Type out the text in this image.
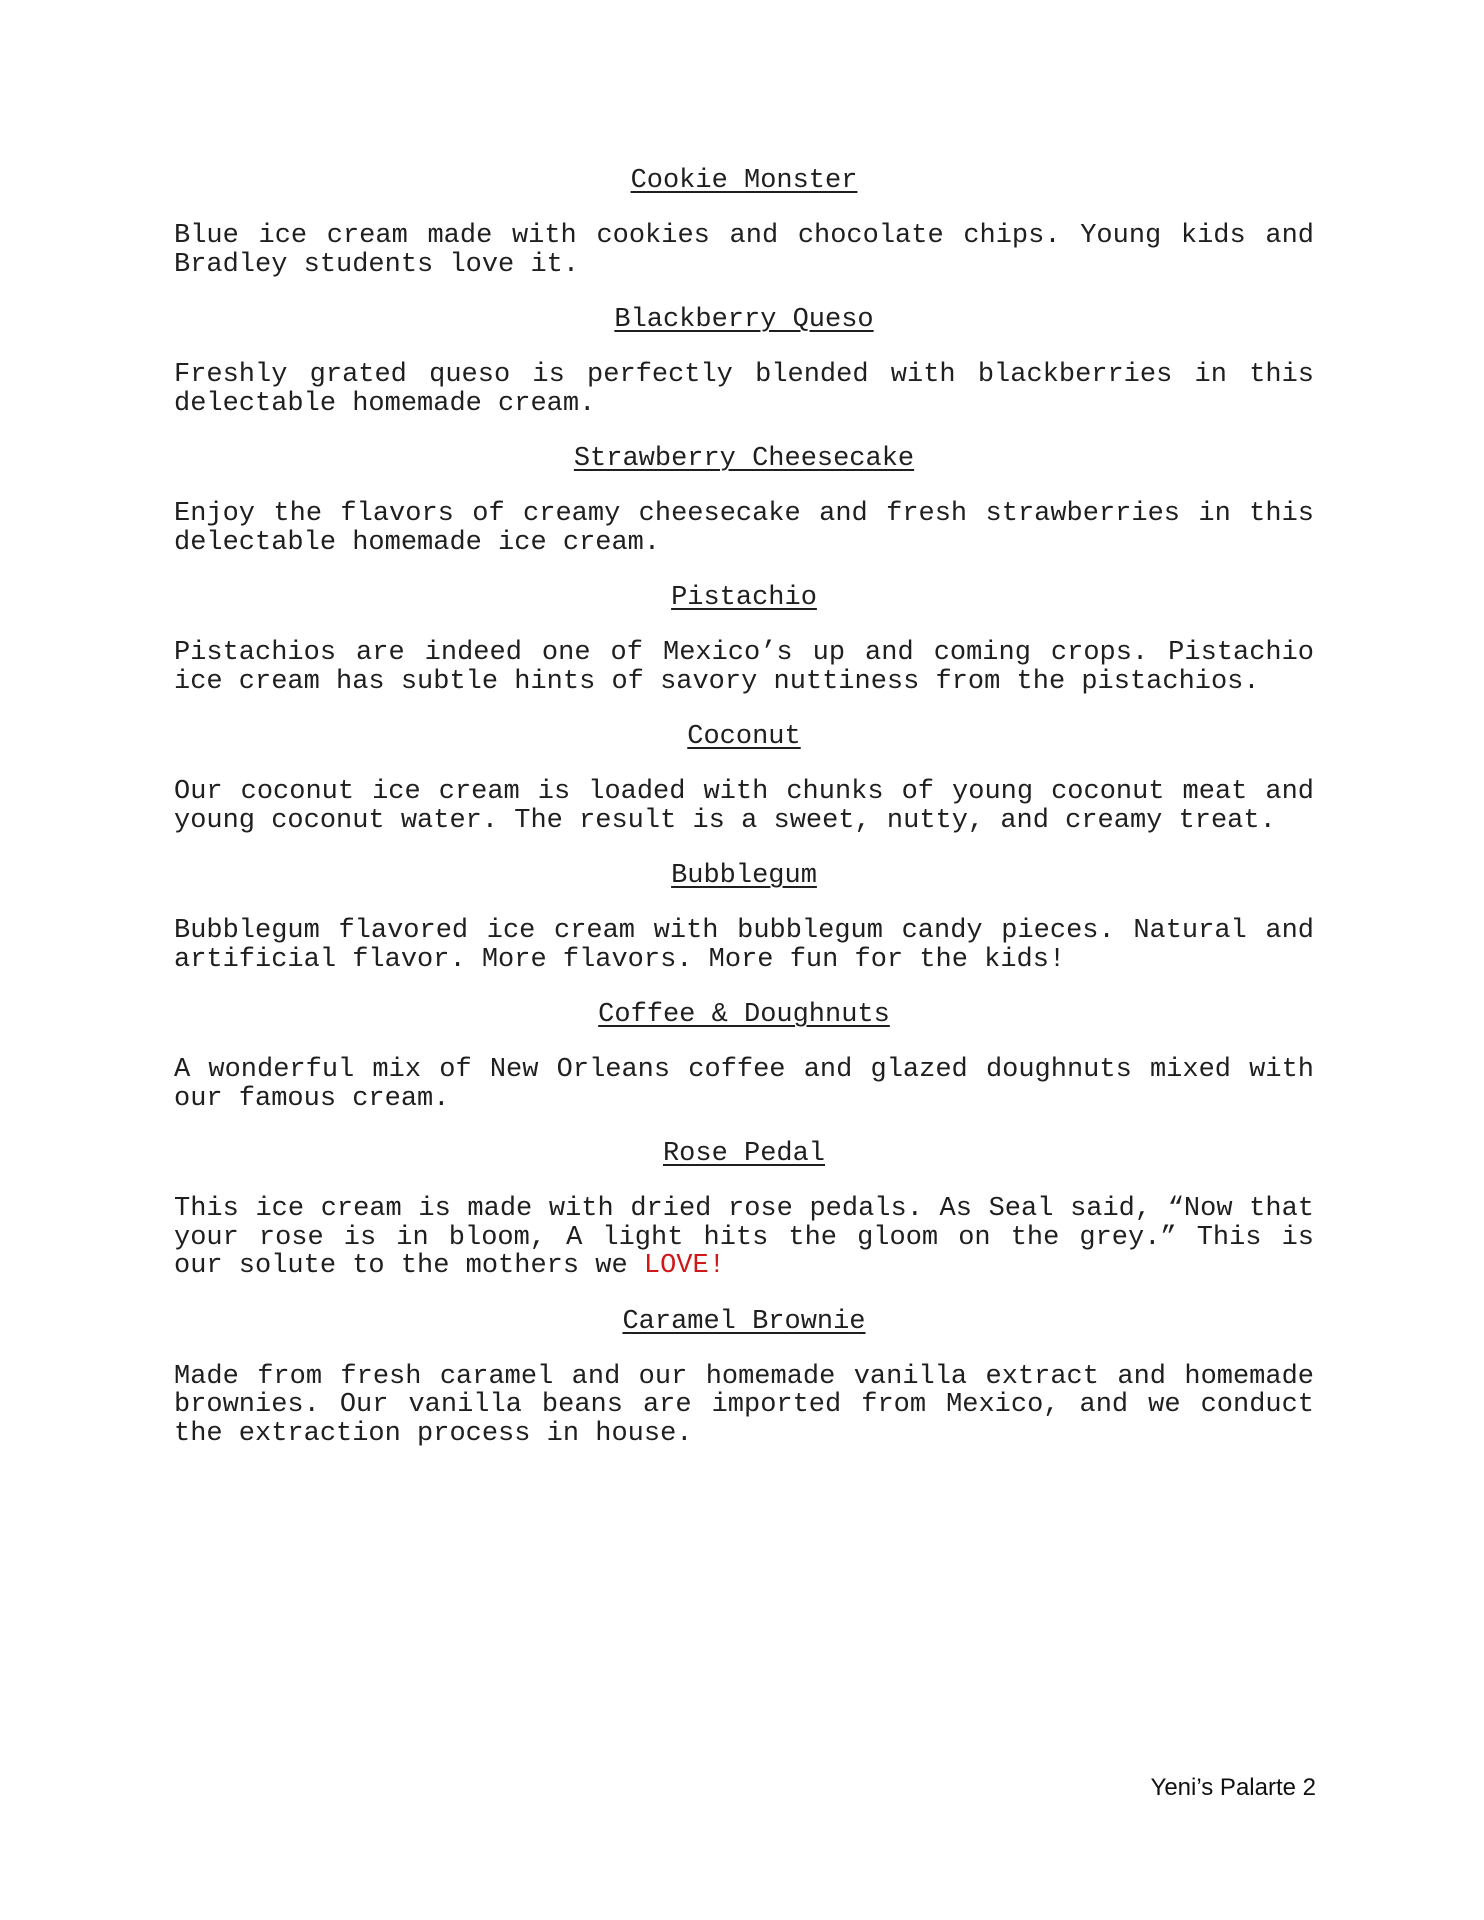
Cookie Monster
Blue ice cream made with cookies and chocolate chips. Young kids and Bradley students love it.
Blackberry Queso
Freshly grated queso is perfectly blended with blackberries in this delectable homemade cream.
Strawberry Cheesecake
Enjoy the flavors of creamy cheesecake and fresh strawberries in this delectable homemade ice cream.
Pistachio
Pistachios are indeed one of Mexico’s up and coming crops. Pistachio ice cream has subtle hints of savory nuttiness from the pistachios.
Coconut
Our coconut ice cream is loaded with chunks of young coconut meat and young coconut water. The result is a sweet, nutty, and creamy treat.
Bubblegum
Bubblegum flavored ice cream with bubblegum candy pieces. Natural and artificial flavor. More flavors. More fun for the kids!
Coffee & Doughnuts
A wonderful mix of New Orleans coffee and glazed doughnuts mixed with our famous cream.
Rose Pedal
This ice cream is made with dried rose pedals. As Seal said, “Now that your rose is in bloom, A light hits the gloom on the grey.” This is our solute to the mothers we LOVE!
Caramel Brownie
Made from fresh caramel and our homemade vanilla extract and homemade brownies. Our vanilla beans are imported from Mexico, and we conduct the extraction process in house.
Yeni’s Palarte 2
